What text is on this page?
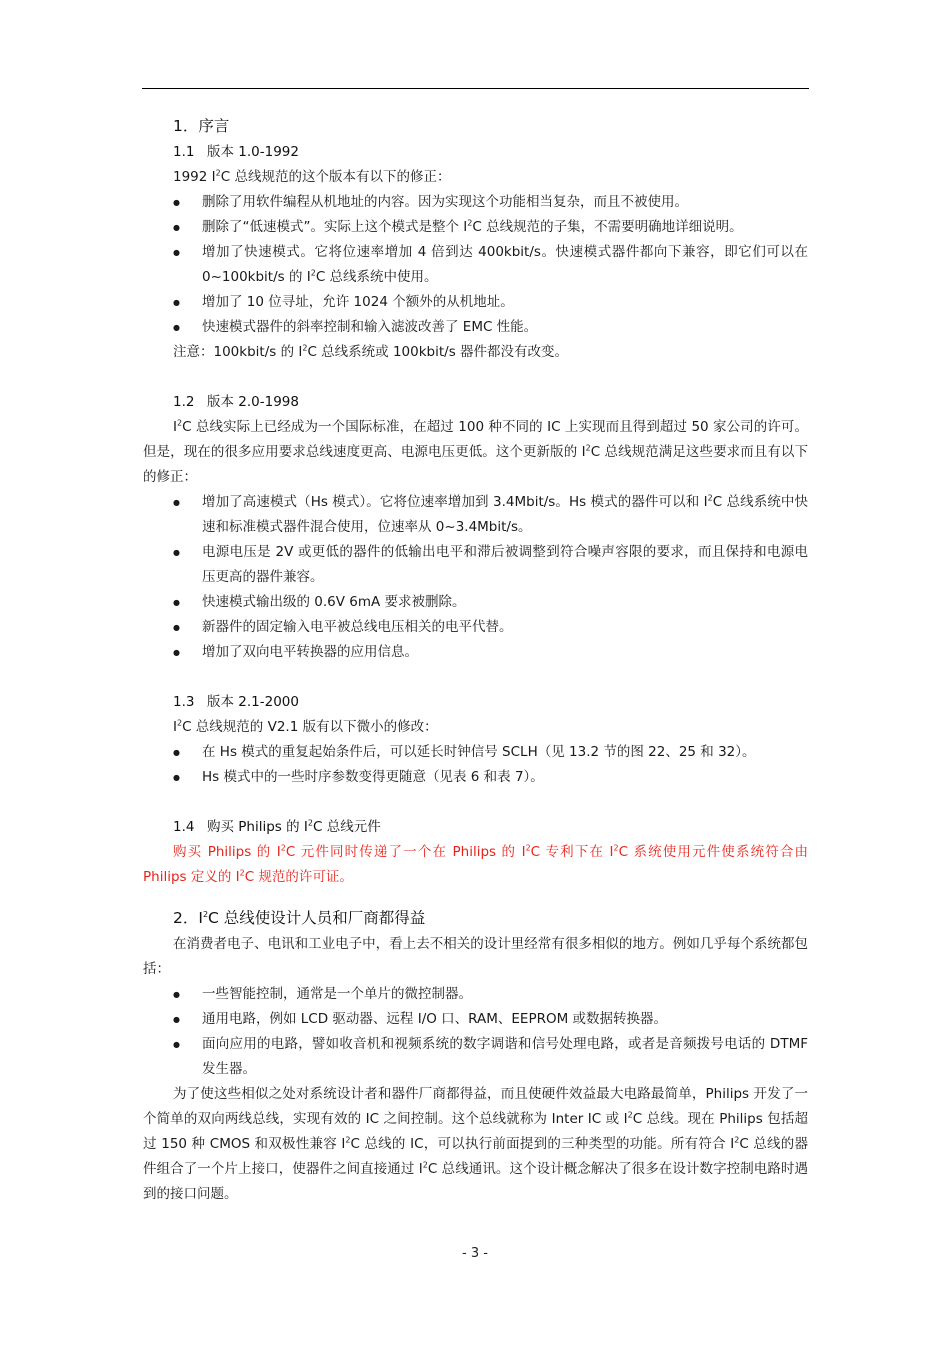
1．序言
1.1 版本 1.0-1992

1992 $I^2C$ 总线规范的这个版本有以下的修正：

● 删除了用软件编程从机地址的内容。因为实现这个功能相当复杂，而且不被使用。
● 删除了“低速模式”。实际上这个模式是整个 $I^2C$ 总线规范的子集，不需要明确地详细说明。
● 增加了快速模式。它将位速率增加 4 倍到达 400kbit/s。快速模式器件都向下兼容，即它们可以在 0~100kbit/s 的 $I^2C$ 总线系统中使用。
● 增加了 10 位寻址，允许 1024 个额外的从机地址。
● 快速模式器件的斜率控制和输入滤波改善了 EMC 性能。

注意：100kbit/s 的 $I^2C$ 总线系统或 100kbit/s 器件都没有改变。

1.2 版本 2.0-1998

$I^2C$ 总线实际上已经成为一个国际标准，在超过 100 种不同的 IC 上实现而且得到超过 50 家公司的许可。但是，现在的很多应用要求总线速度更高、电源电压更低。这个更新版的 $I^2C$ 总线规范满足这些要求而且有以下的修正：

● 增加了高速模式（Hs 模式）。它将位速率增加到 3.4Mbit/s。Hs 模式的器件可以和 $I^2C$ 总线系统中快速和标准模式器件混合使用，位速率从 0~3.4Mbit/s。
● 电源电压是 2V 或更低的器件的低输出电平和滞后被调整到符合噪声容限的要求，而且保持和电源电压更高的器件兼容。
● 快速模式输出级的 0.6V 6mA 要求被删除。
● 新器件的固定输入电平被总线电压相关的电平代替。
● 增加了双向电平转换器的应用信息。
1.3 版本 2.1-2000

$I^2C$ 总线规范的 V2.1 版有以下微小的修改：

● 在 Hs 模式的重复起始条件后，可以延长时钟信号 SCLH（见 13.2 节的图 22、25 和 32）。
● Hs 模式中的一些时序参数变得更随意（见表 6 和表 7）。
1.4 购买 Philips 的 $I^2C$ 总线元件

购买 Philips 的 $I^2C$ 元件同时传递了一个在 Philips 的 $I^2C$ 专利下在 $I^2C$ 系统使用元件使系统符合由 Philips 定义的 $I^2C$ 规范的许可证。

2．$I^2C$ 总线使设计人员和厂商都得益

在消费者电子、电讯和工业电子中，看上去不相关的设计里经常有很多相似的地方。例如几乎每个系统都包括：

● 一些智能控制，通常是一个单片的微控制器。
● 通用电路，例如 LCD 驱动器、远程 I/O 口、RAM、EEPROM 或数据转换器。
● 面向应用的电路，譬如收音机和视频系统的数字调谐和信号处理电路，或者是音频拨号电话的 DTMF 发生器。

为了使这些相似之处对系统设计者和器件厂商都得益，而且使硬件效益最大电路最简单，Philips 开发了一个简单的双向两线总线，实现有效的 IC 之间控制。这个总线就称为 Inter IC 或 $I^2C$ 总线。现在 Philips 包括超过 150 种 CMOS 和双极性兼容 $I^2C$ 总线的 IC，可以执行前面提到的三种类型的功能。所有符合 $I^2C$ 总线的器件组合了一个片上接口，使器件之间直接通过 $I^2C$ 总线通讯。这个设计概念解决了很多在设计数字控制电路时遇到的接口问题。

- 3 -
